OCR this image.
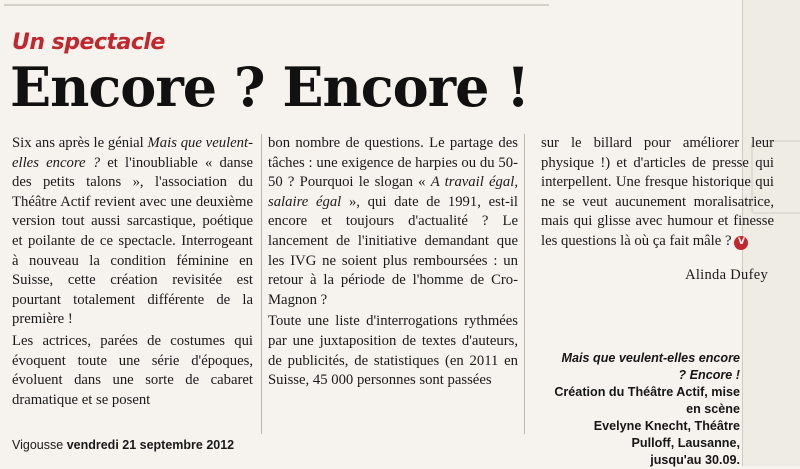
Un spectacle
Encore ? Encore !

Six ans après le génial Mais que veulent-elles encore ? et l'inoubliable « danse des petits talons », l'association du Théâtre Actif revient avec une deuxième version tout aussi sarcastique, poétique et poilante de ce spectacle. Interrogeant à nouveau la condition féminine en Suisse, cette création revisitée est pourtant totalement différente de la première !

Les actrices, parées de costumes qui évoquent toute une série d'époques, évoluent dans une sorte de cabaret dramatique et se posent

bon nombre de questions. Le partage des tâches : une exigence de harpies ou du 50-50 ? Pourquoi le slogan « A travail égal, salaire égal », qui date de 1991, est-il encore et toujours d'actualité ? Le lancement de l'initiative demandant que les IVG ne soient plus remboursées : un retour à la période de l'homme de Cro-Magnon ?

Toute une liste d'interrogations rythmées par une juxtaposition de textes d'auteurs, de publicités, de statistiques (en 2011 en Suisse, 45 000 personnes sont passées

sur le billard pour améliorer leur physique !) et d'articles de presse qui interpellent. Une fresque historique qui ne se veut aucunement moralisatrice, mais qui glisse avec humour et finesse les questions là où ça fait mâle ? V

Alinda Dufey
Mais que veulent-elles encore ? Encore !
Création du Théâtre Actif, mise en scène
Evelyne Knecht, Théâtre Pulloff, Lausanne,
jusqu'au 30.09.
Vigousse vendredi 21 septembre 2012
